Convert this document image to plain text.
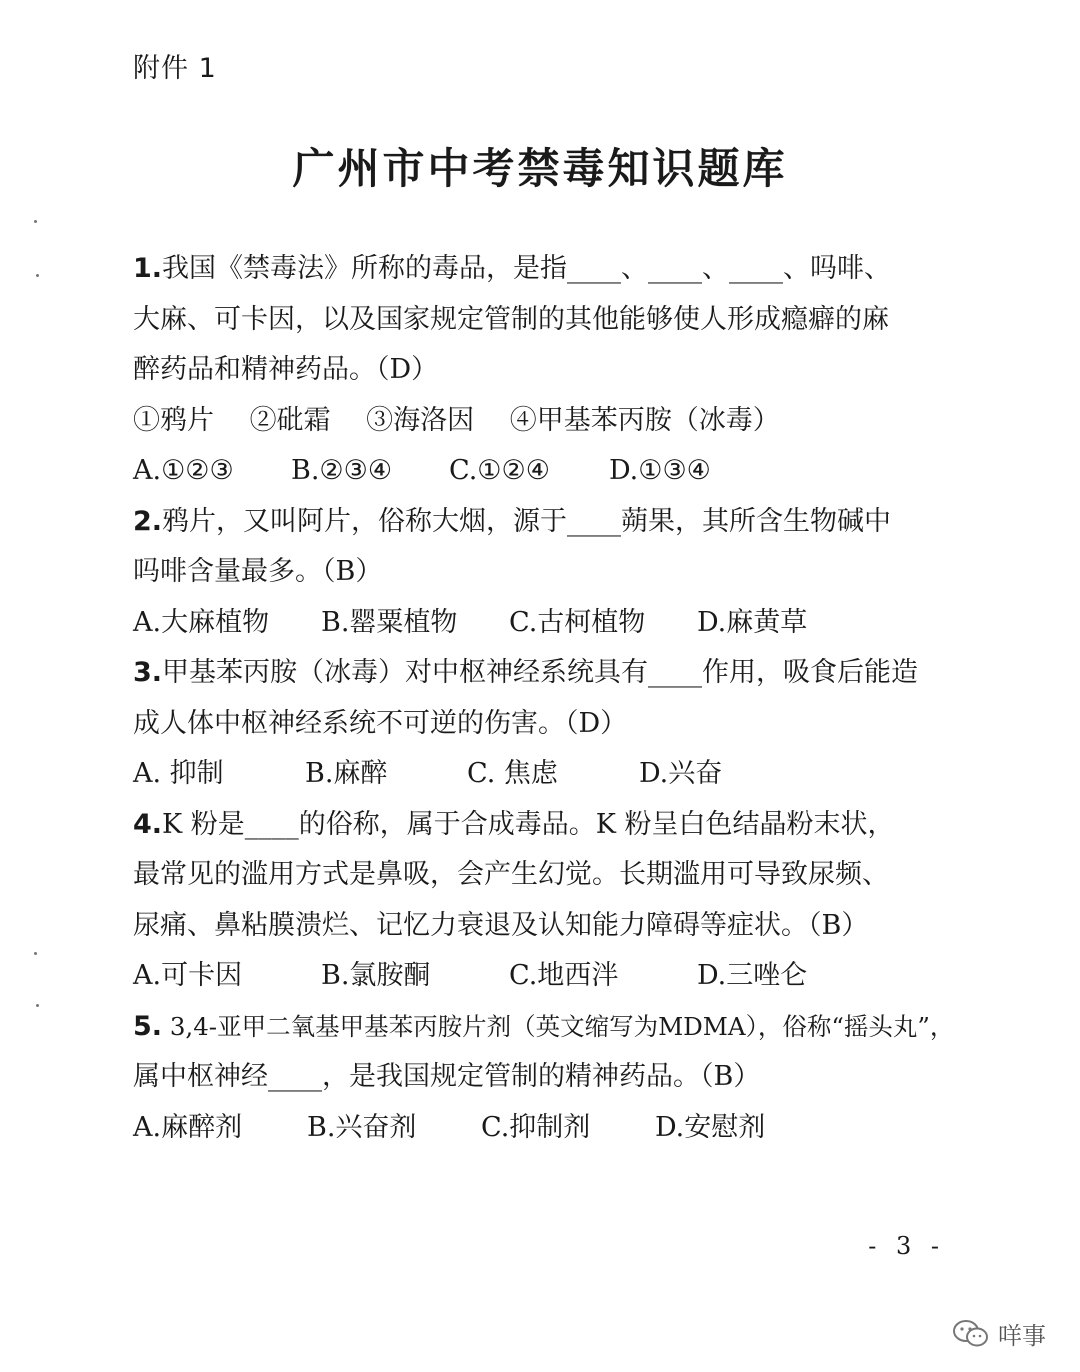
附件 1
广州市中考禁毒知识题库
1.我国《禁毒法》所称的毒品，是指____、____、____、吗啡、
大麻、可卡因，以及国家规定管制的其他能够使人形成瘾癖的麻
醉药品和精神药品。（D）
①鸦片　 ②砒霜　 ③海洛因　 ④甲基苯丙胺（冰毒）
A.①②③ B.②③④ C.①②④ D.①③④
2.鸦片，又叫阿片，俗称大烟，源于____蒴果，其所含生物碱中
吗啡含量最多。（B）
A.大麻植物 B.罂粟植物 C.古柯植物 D.麻黄草
3.甲基苯丙胺（冰毒）对中枢神经系统具有____作用，吸食后能造
成人体中枢神经系统不可逆的伤害。（D）
A. 抑制	B.麻醉	C. 焦虑	D.兴奋
4.K 粉是____的俗称，属于合成毒品。K 粉呈白色结晶粉末状，
最常见的滥用方式是鼻吸，会产生幻觉。长期滥用可导致尿频、
尿痛、鼻粘膜溃烂、记忆力衰退及认知能力障碍等症状。（B）
A.可卡因	B.氯胺酮	C.地西泮	D.三唑仑
5. 3,4-亚甲二氧基甲基苯丙胺片剂（英文缩写为MDMA），俗称“摇头丸”，
属中枢神经____，是我国规定管制的精神药品。（B）
A.麻醉剂 B.兴奋剂 C.抑制剂 D.安慰剂
- 3 -
咩事
